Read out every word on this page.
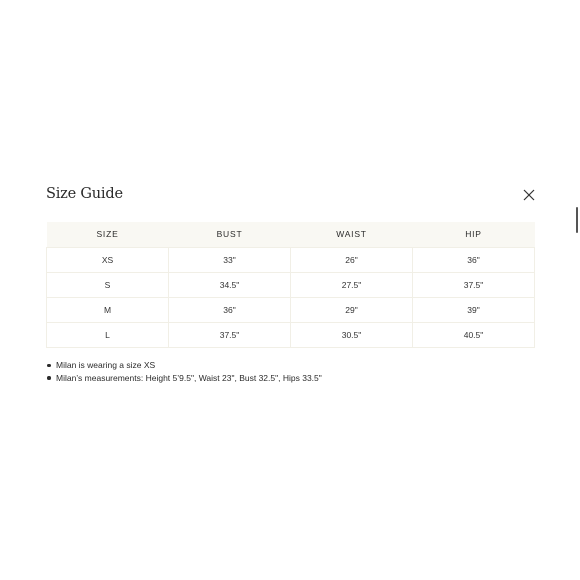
Size Guide
SIZE	BUST	WAIST	HIP
XS	33"	26"	36"
S	34.5"	27.5"	37.5"
M	36"	29"	39"
L	37.5"	30.5"	40.5"
Milan is wearing a size XS
Milan’s measurements: Height 5’9.5", Waist 23", Bust 32.5", Hips 33.5"
